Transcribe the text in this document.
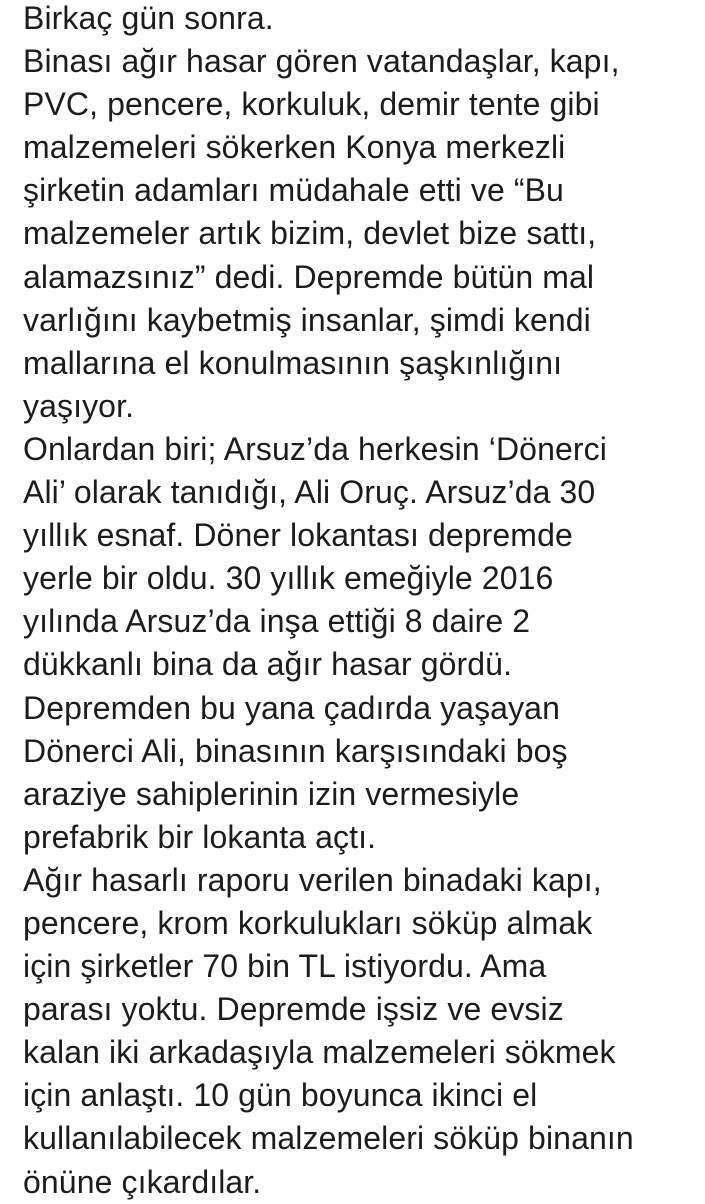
Birkaç gün sonra.
Binası ağır hasar gören vatandaşlar, kapı,
PVC, pencere, korkuluk, demir tente gibi
malzemeleri sökerken Konya merkezli
şirketin adamları müdahale etti ve “Bu
malzemeler artık bizim, devlet bize sattı,
alamazsınız” dedi. Depremde bütün mal
varlığını kaybetmiş insanlar, şimdi kendi
mallarına el konulmasının şaşkınlığını
yaşıyor.
Onlardan biri; Arsuz’da herkesin ‘Dönerci
Ali’ olarak tanıdığı, Ali Oruç. Arsuz’da 30
yıllık esnaf. Döner lokantası depremde
yerle bir oldu. 30 yıllık emeğiyle 2016
yılında Arsuz’da inşa ettiği 8 daire 2
dükkanlı bina da ağır hasar gördü.
Depremden bu yana çadırda yaşayan
Dönerci Ali, binasının karşısındaki boş
araziye sahiplerinin izin vermesiyle
prefabrik bir lokanta açtı.
Ağır hasarlı raporu verilen binadaki kapı,
pencere, krom korkulukları söküp almak
için şirketler 70 bin TL istiyordu. Ama
parası yoktu. Depremde işsiz ve evsiz
kalan iki arkadaşıyla malzemeleri sökmek
için anlaştı. 10 gün boyunca ikinci el
kullanılabilecek malzemeleri söküp binanın
önüne çıkardılar.
